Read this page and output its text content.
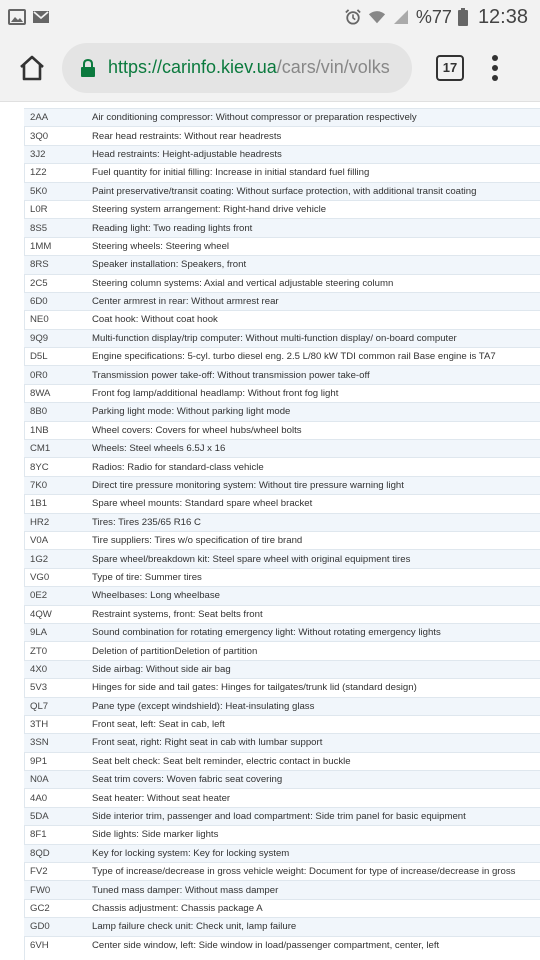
%77 12:38
https://carinfo.kiev.ua/cars/vin/volks	17
2AA	Air conditioning compressor: Without compressor or preparation respectively
3Q0	Rear head restraints: Without rear headrests
3J2	Head restraints: Height-adjustable headrests
1Z2	Fuel quantity for initial filling: Increase in initial standard fuel filling
5K0	Paint preservative/transit coating: Without surface protection, with additional transit coating
L0R	Steering system arrangement: Right-hand drive vehicle
8S5	Reading light: Two reading lights front
1MM	Steering wheels: Steering wheel
8RS	Speaker installation: Speakers, front
2C5	Steering column systems: Axial and vertical adjustable steering column
6D0	Center armrest in rear: Without armrest rear
NE0	Coat hook: Without coat hook
9Q9	Multi-function display/trip computer: Without multi-function display/ on-board computer
D5L	Engine specifications: 5-cyl. turbo diesel eng. 2.5 L/80 kW TDI common rail Base engine is TA7
0R0	Transmission power take-off: Without transmission power take-off
8WA	Front fog lamp/additional headlamp: Without front fog light
8B0	Parking light mode: Without parking light mode
1NB	Wheel covers: Covers for wheel hubs/wheel bolts
CM1	Wheels: Steel wheels 6.5J x 16
8YC	Radios: Radio for standard-class vehicle
7K0	Direct tire pressure monitoring system: Without tire pressure warning light
1B1	Spare wheel mounts: Standard spare wheel bracket
HR2	Tires: Tires 235/65 R16 C
V0A	Tire suppliers: Tires w/o specification of tire brand
1G2	Spare wheel/breakdown kit: Steel spare wheel with original equipment tires
VG0	Type of tire: Summer tires
0E2	Wheelbases: Long wheelbase
4QW	Restraint systems, front: Seat belts front
9LA	Sound combination for rotating emergency light: Without rotating emergency lights
ZT0	Deletion of partitionDeletion of partition
4X0	Side airbag: Without side air bag
5V3	Hinges for side and tail gates: Hinges for tailgates/trunk lid (standard design)
QL7	Pane type (except windshield): Heat-insulating glass
3TH	Front seat, left: Seat in cab, left
3SN	Front seat, right: Right seat in cab with lumbar support
9P1	Seat belt check: Seat belt reminder, electric contact in buckle
N0A	Seat trim covers: Woven fabric seat covering
4A0	Seat heater: Without seat heater
5DA	Side interior trim, passenger and load compartment: Side trim panel for basic equipment
8F1	Side lights: Side marker lights
8QD	Key for locking system: Key for locking system
FV2	Type of increase/decrease in gross vehicle weight: Document for type of increase/decrease in gross
FW0	Tuned mass damper: Without mass damper
GC2	Chassis adjustment: Chassis package A
GD0	Lamp failure check unit: Check unit, lamp failure
6VH	Center side window, left: Side window in load/passenger compartment, center, left
